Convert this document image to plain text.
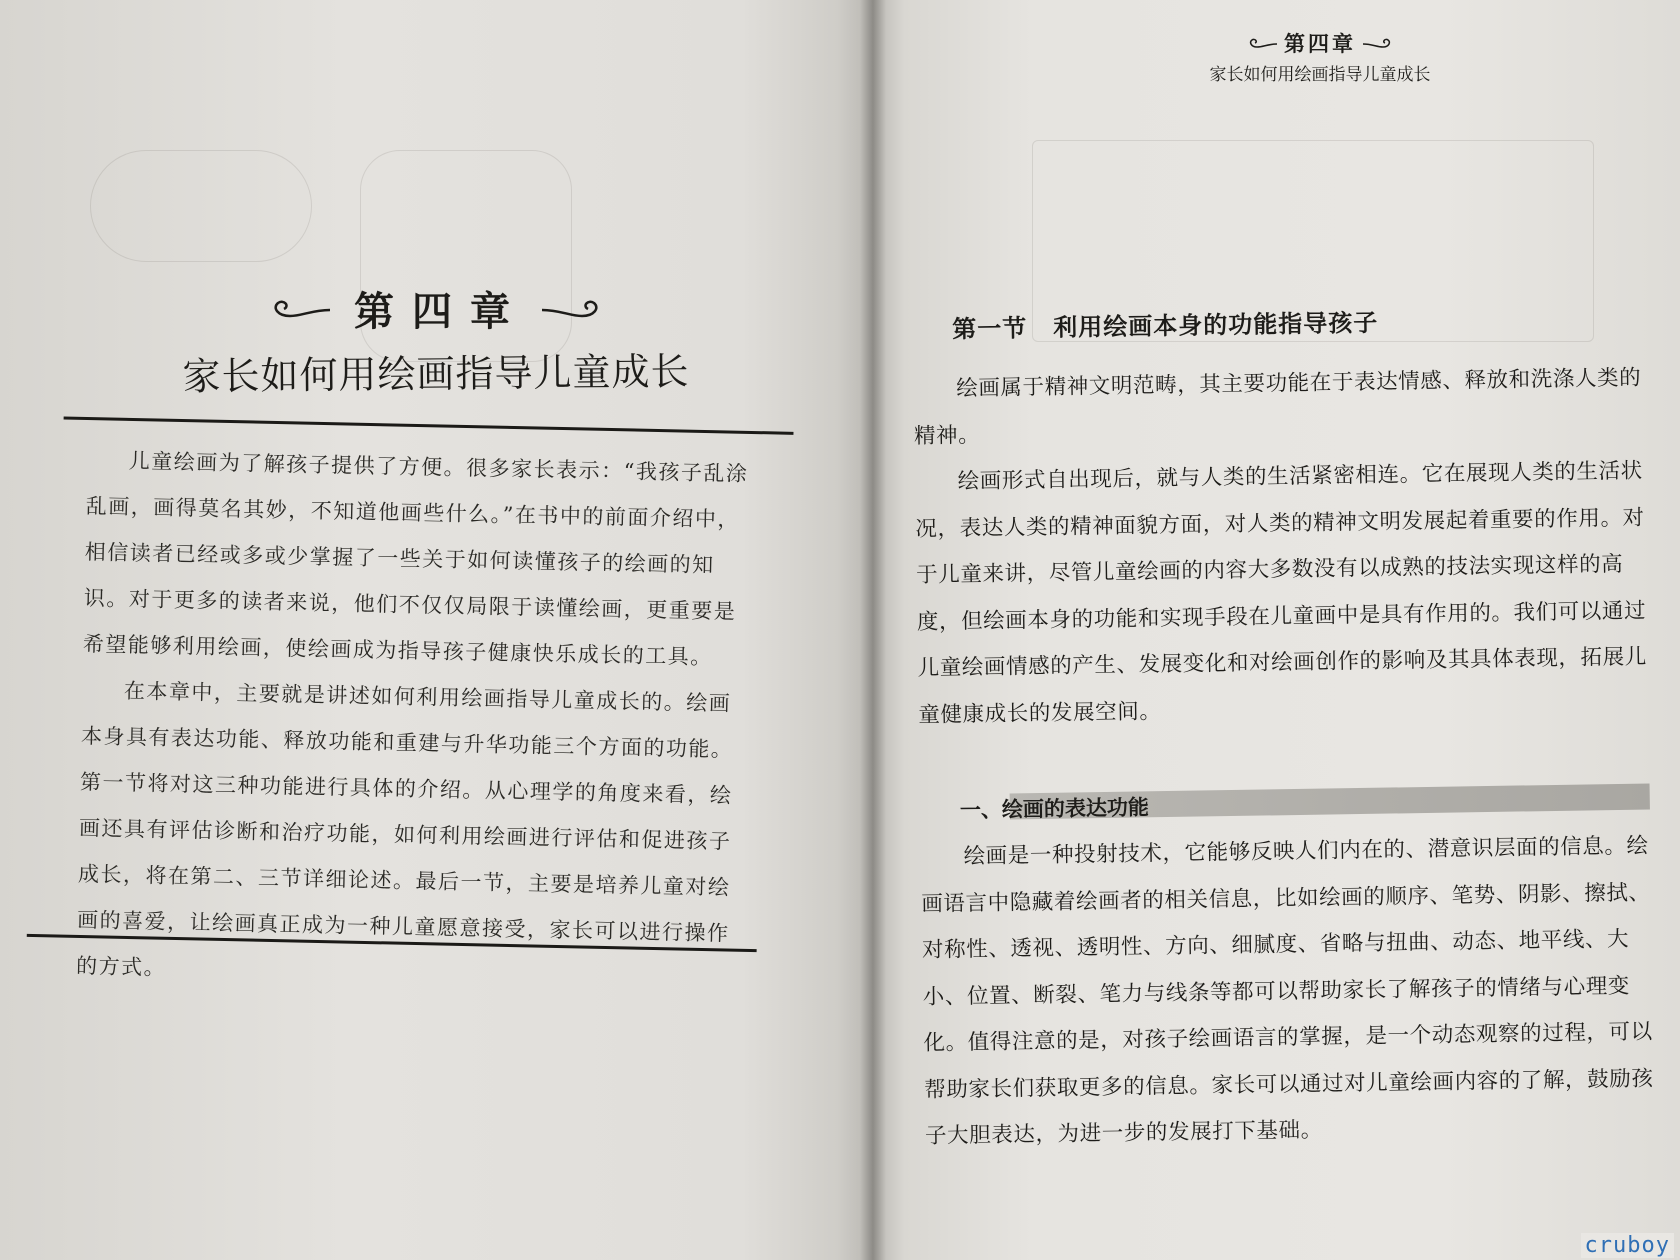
第四章
家长如何用绘画指导儿童成长

儿童绘画为了解孩子提供了方便。很多家长表示：“我孩子乱涂乱画，画得莫名其妙，不知道他画些什么。”在书中的前面介绍中，相信读者已经或多或少掌握了一些关于如何读懂孩子的绘画的知识。对于更多的读者来说，他们不仅仅局限于读懂绘画，更重要是希望能够利用绘画，使绘画成为指导孩子健康快乐成长的工具。

在本章中，主要就是讲述如何利用绘画指导儿童成长的。绘画本身具有表达功能、释放功能和重建与升华功能三个方面的功能。第一节将对这三种功能进行具体的介绍。从心理学的角度来看，绘画还具有评估诊断和治疗功能，如何利用绘画进行评估和促进孩子成长，将在第二、三节详细论述。最后一节，主要是培养儿童对绘画的喜爱，让绘画真正成为一种儿童愿意接受，家长可以进行操作的方式。

第四章
家长如何用绘画指导儿童成长
第一节 利用绘画本身的功能指导孩子

绘画属于精神文明范畴，其主要功能在于表达情感、释放和洗涤人类的精神。

绘画形式自出现后，就与人类的生活紧密相连。它在展现人类的生活状况，表达人类的精神面貌方面，对人类的精神文明发展起着重要的作用。对于儿童来讲，尽管儿童绘画的内容大多数没有以成熟的技法实现这样的高度，但绘画本身的功能和实现手段在儿童画中是具有作用的。我们可以通过儿童绘画情感的产生、发展变化和对绘画创作的影响及其具体表现，拓展儿童健康成长的发展空间。

一、绘画的表达功能

绘画是一种投射技术，它能够反映人们内在的、潜意识层面的信息。绘画语言中隐藏着绘画者的相关信息，比如绘画的顺序、笔势、阴影、擦拭、对称性、透视、透明性、方向、细腻度、省略与扭曲、动态、地平线、大小、位置、断裂、笔力与线条等都可以帮助家长了解孩子的情绪与心理变化。值得注意的是，对孩子绘画语言的掌握，是一个动态观察的过程，可以帮助家长们获取更多的信息。家长可以通过对儿童绘画内容的了解，鼓励孩子大胆表达，为进一步的发展打下基础。

cruboy
